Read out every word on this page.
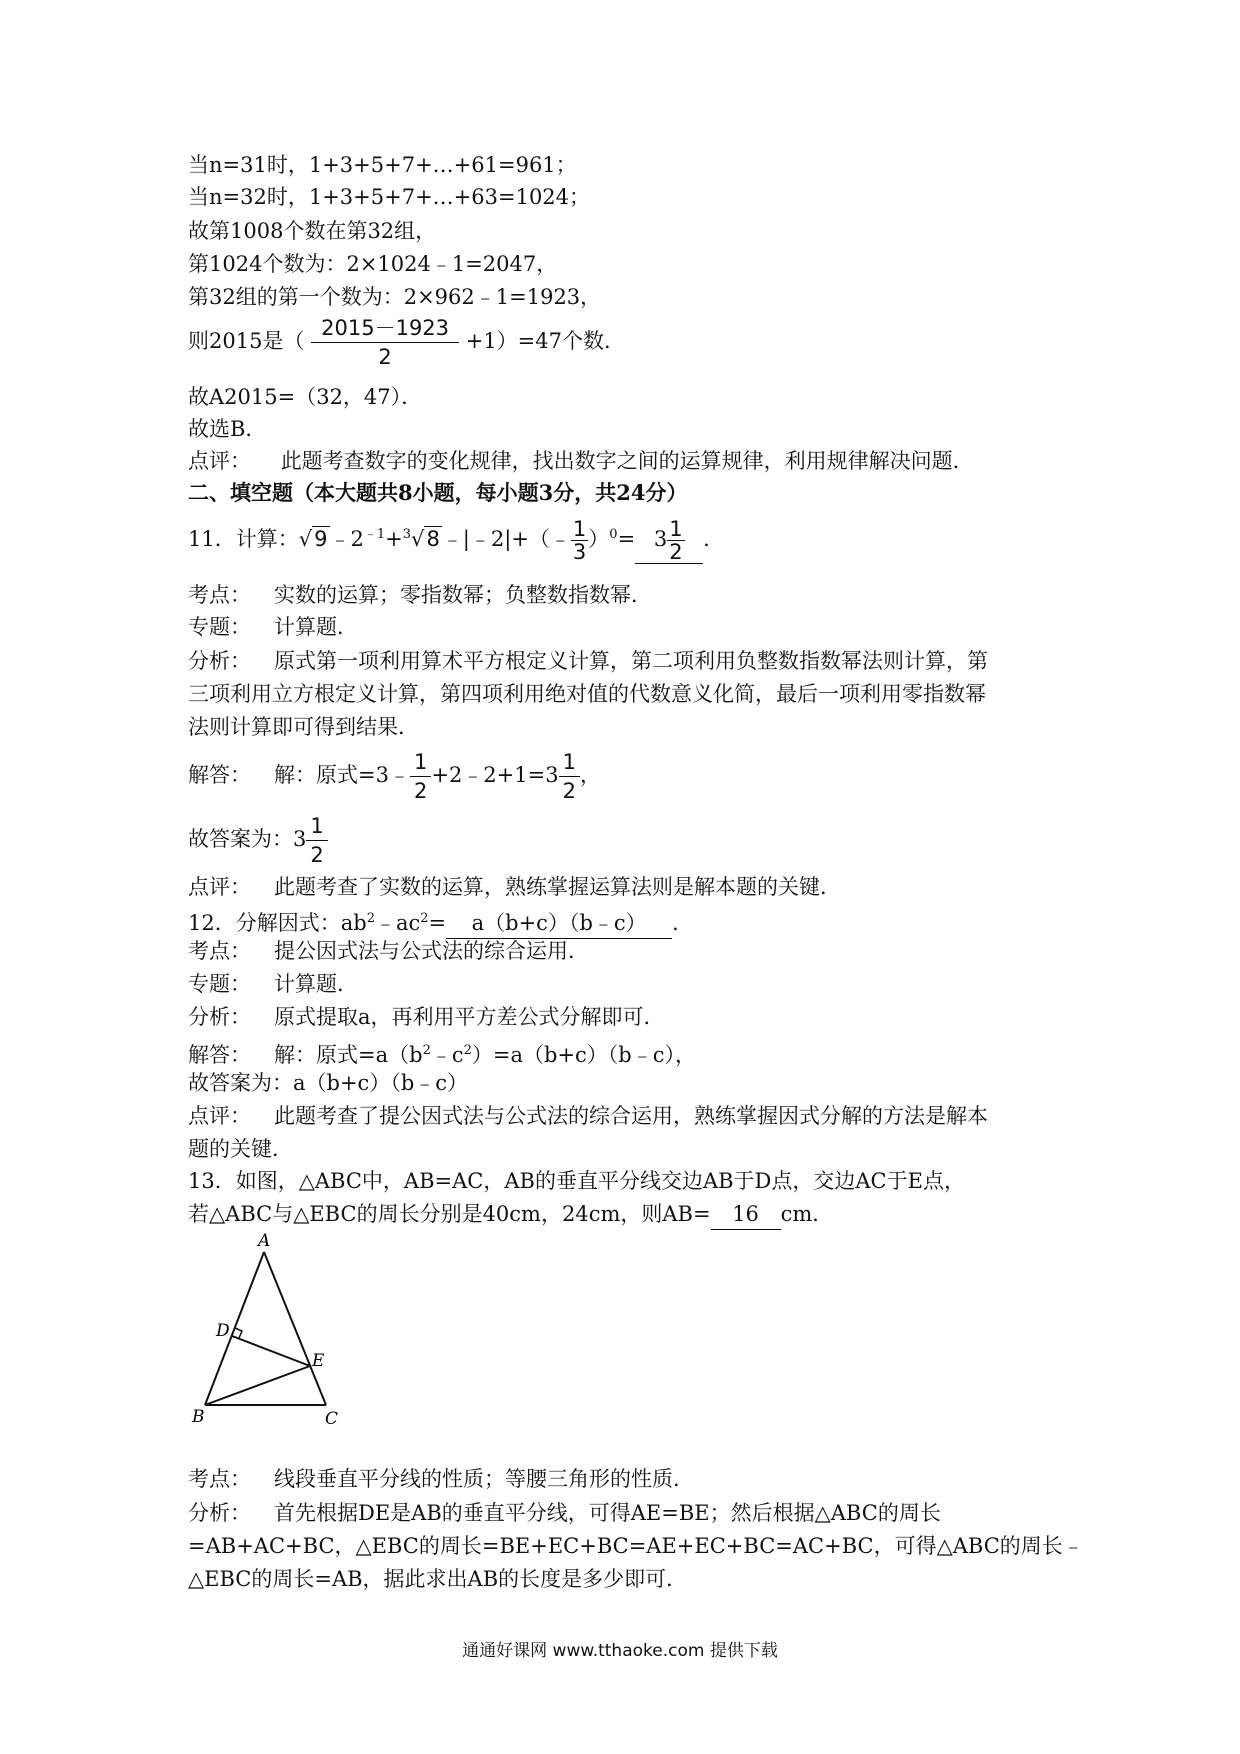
当n=31时，1+3+5+7+…+61=961；
当n=32时，1+3+5+7+…+63=1024；
故第1008个数在第32组，
第1024个数为：2×1024﹣1=2047，
第32组的第一个数为：2×962﹣1=1923，
则2015是（ $\frac{2015-1923}{2} +1)=47$个数．
故A2015=（32，47）．
故选B．
点评： 此题考查数字的变化规律，找出数字之间的运算规律，利用规律解决问题．
二、填空题（本大题共8小题，每小题3分，共24分）
11．计算：$√9﹣2^{﹣1}+^3√8﹣|﹣2|+(﹣ \frac{1}{3} )^0= 3 \frac{1}{2}$ ．
考点： 实数的运算；零指数幂；负整数指数幂．
专题： 计算题．
分析： 原式第一项利用算术平方根定义计算，第二项利用负整数指数幂法则计算，第
三项利用立方根定义计算，第四项利用绝对值的代数意义化简，最后一项利用零指数幂
法则计算即可得到结果．
解答： 解：原式=3﹣ $\frac{1}{2}$ +2﹣2+1=3 $\frac{1}{2}$ ，
故答案为：$3 \frac{1}{2}$
点评： 此题考查了实数的运算，熟练掌握运算法则是解本题的关键．
12．分解因式：$ab^2﹣ac^2=$ a（b+c）（b﹣c） ．
考点： 提公因式法与公式法的综合运用．
专题： 计算题．
分析： 原式提取a，再利用平方差公式分解即可．
解答： 解：原式$=a(b^2﹣c^2)=a(b+c)(b﹣c)$，
故答案为：a（b+c）（b﹣c）
点评： 此题考查了提公因式法与公式法的综合运用，熟练掌握因式分解的方法是解本
题的关键．
13．如图，△ABC中，AB=AC，AB的垂直平分线交边AB于D点，交边AC于E点，
若△ABC与△EBC的周长分别是40cm，24cm，则AB= 16 cm．
A
B	C
D
E
考点： 线段垂直平分线的性质；等腰三角形的性质．
分析： 首先根据DE是AB的垂直平分线，可得AE=BE；然后根据△ABC的周长
=AB+AC+BC，△EBC的周长=BE+EC+BC=AE+EC+BC=AC+BC，可得△ABC的周长﹣
△EBC的周长=AB，据此求出AB的长度是多少即可．
通通好课网 www.tthaoke.com 提供下载
